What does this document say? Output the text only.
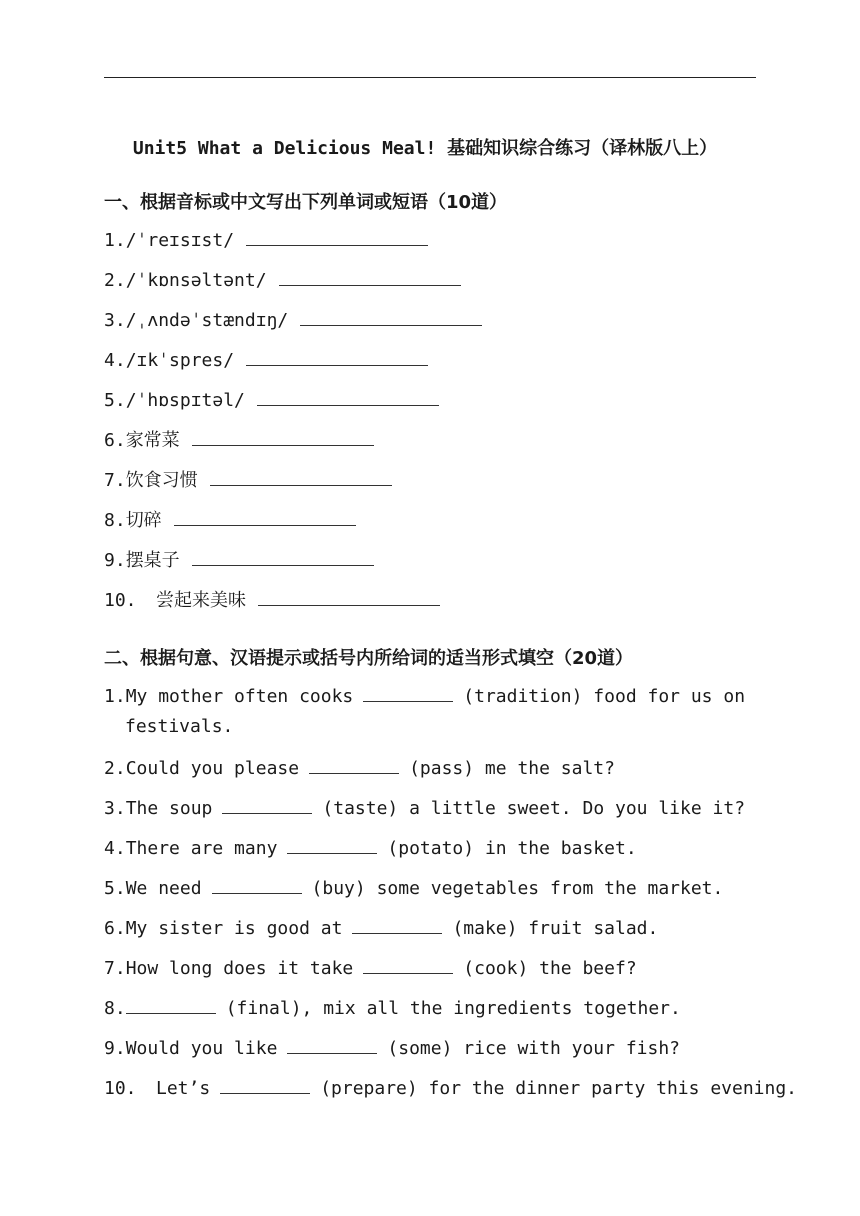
Unit5 What a Delicious Meal! 基础知识综合练习（译林版八上）
一、根据音标或中文写出下列单词或短语（10道）
1./ˈreɪsɪst/
2./ˈkɒnsəltənt/
3./ˌʌndəˈstændɪŋ/
4./ɪkˈspres/
5./ˈhɒspɪtəl/
6.家常菜
7.饮食习惯
8.切碎
9.摆桌子
10. 尝起来美味
二、根据句意、汉语提示或括号内所给词的适当形式填空（20道）
1.My mother often cooks	(tradition) food for us on
festivals.
2.Could you please	(pass) me the salt?
3.The soup	(taste) a little sweet. Do you like it?
4.There are many	(potato) in the basket.
5.We need	(buy) some vegetables from the market.
6.My sister is good at	(make) fruit salad.
7.How long does it take	(cook) the beef?
8.	(final), mix all the ingredients together.
9.Would you like	(some) rice with your fish?
10. Let’s	(prepare) for the dinner party this evening.
